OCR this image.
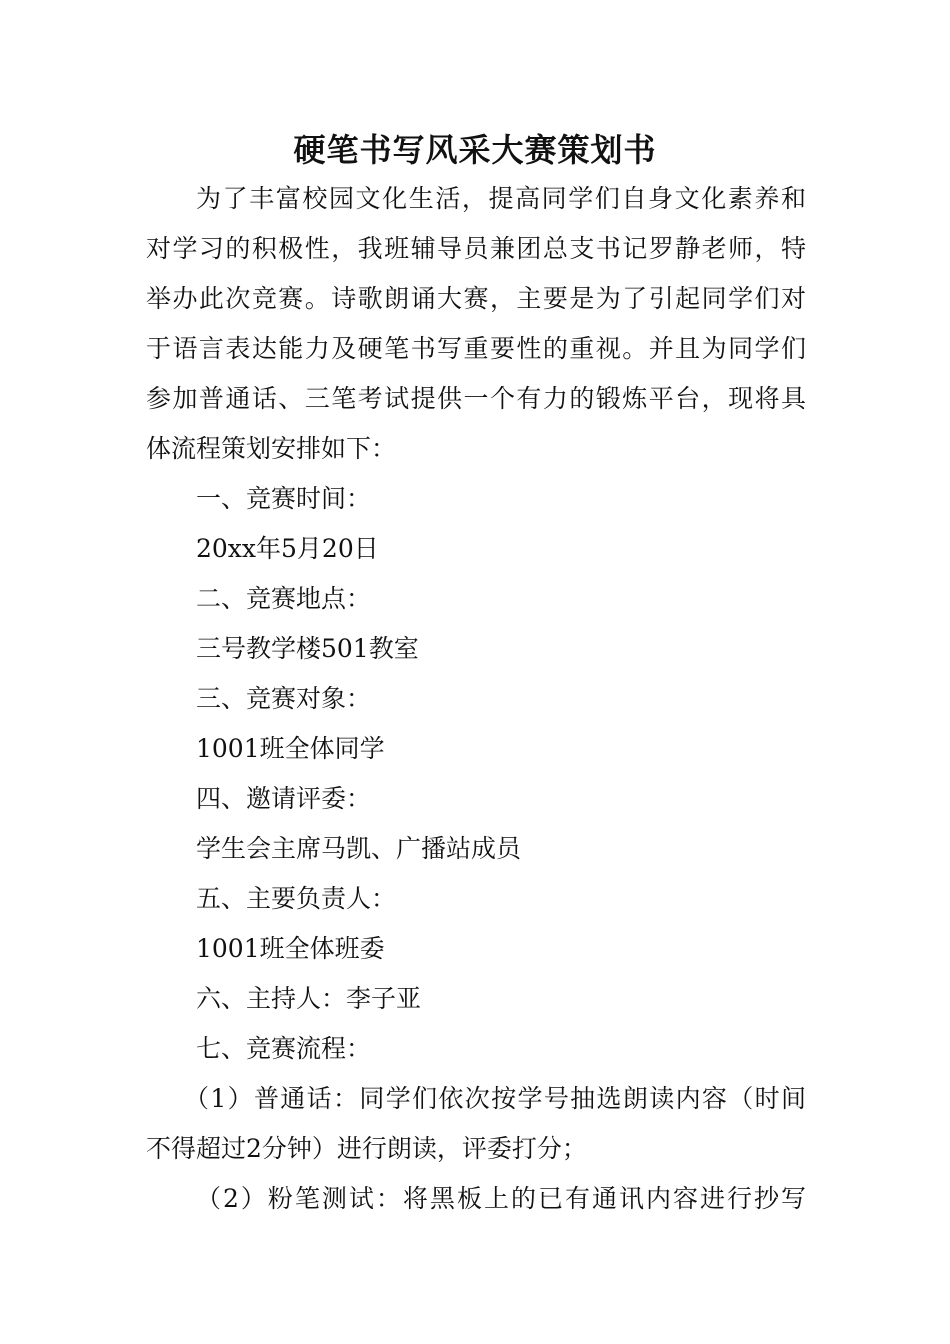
硬笔书写风采大赛策划书
为了丰富校园文化生活，提高同学们自身文化素养和
对学习的积极性，我班辅导员兼团总支书记罗静老师，特
举办此次竞赛。诗歌朗诵大赛，主要是为了引起同学们对
于语言表达能力及硬笔书写重要性的重视。并且为同学们
参加普通话、三笔考试提供一个有力的锻炼平台，现将具
体流程策划安排如下：
一、竞赛时间：
20xx年5月20日
二、竞赛地点：
三号教学楼501教室
三、竞赛对象：
1001班全体同学
四、邀请评委：
学生会主席马凯、广播站成员
五、主要负责人：
1001班全体班委
六、主持人：李子亚
七、竞赛流程：
（1）普通话：同学们依次按学号抽选朗读内容（时间
不得超过2分钟）进行朗读，评委打分；
（2）粉笔测试：将黑板上的已有通讯内容进行抄写
